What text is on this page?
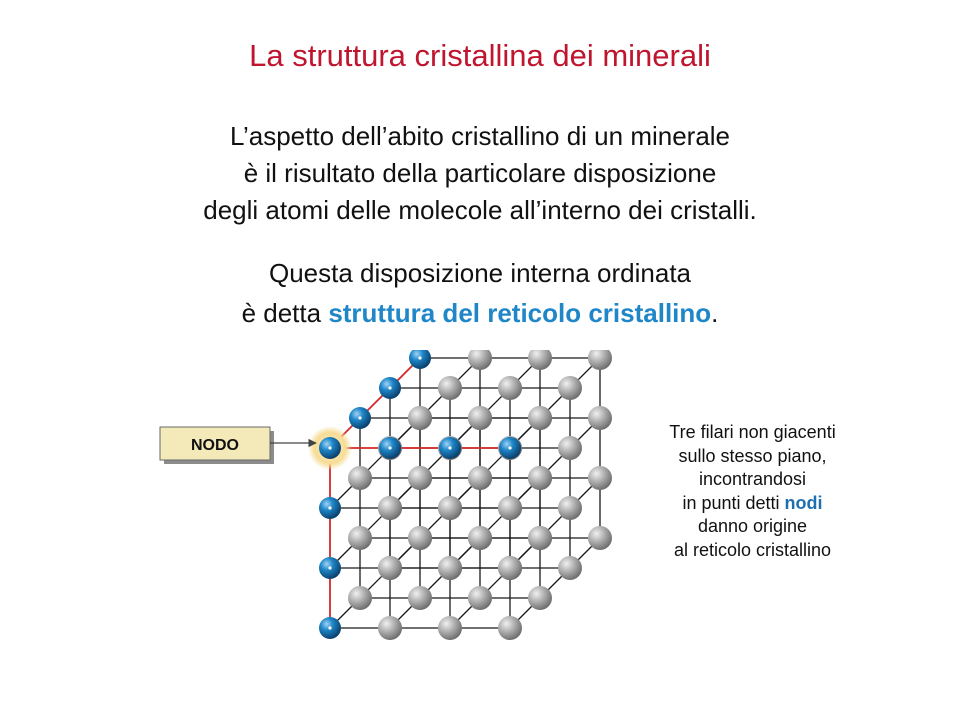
La struttura cristallina dei minerali
L’aspetto dell’abito cristallino di un minerale
è il risultato della particolare disposizione
degli atomi delle molecole all’interno dei cristalli.
Questa disposizione interna ordinata
è detta struttura del reticolo cristallino.
NODO
Tre filari non giacenti
sullo stesso piano,
incontrandosi
in punti detti nodi
danno origine
al reticolo cristallino
